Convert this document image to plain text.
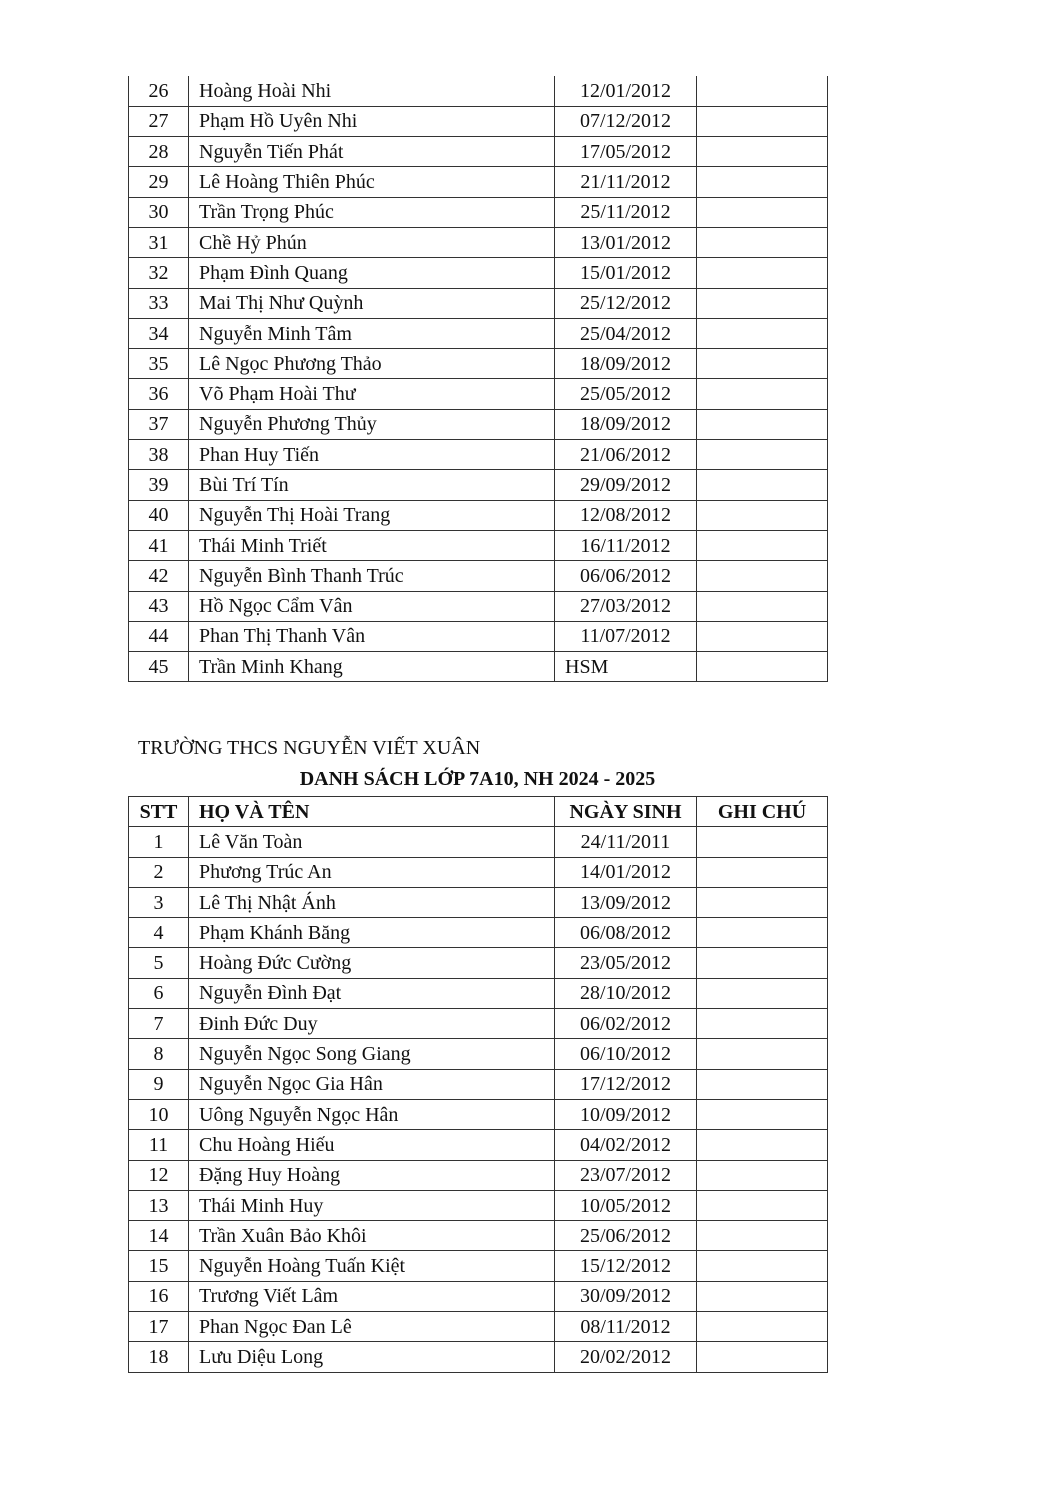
26	Hoàng Hoài Nhi	12/01/2012	
27	Phạm Hồ Uyên Nhi	07/12/2012	
28	Nguyễn Tiến Phát	17/05/2012	
29	Lê Hoàng Thiên Phúc	21/11/2012	
30	Trần Trọng Phúc	25/11/2012	
31	Chề Hỷ Phún	13/01/2012	
32	Phạm Đình Quang	15/01/2012	
33	Mai Thị Như Quỳnh	25/12/2012	
34	Nguyễn Minh Tâm	25/04/2012	
35	Lê Ngọc Phương Thảo	18/09/2012	
36	Võ Phạm Hoài Thư	25/05/2012	
37	Nguyễn Phương Thủy	18/09/2012	
38	Phan Huy Tiến	21/06/2012	
39	Bùi Trí Tín	29/09/2012	
40	Nguyễn Thị Hoài Trang	12/08/2012	
41	Thái Minh Triết	16/11/2012	
42	Nguyễn Bình Thanh Trúc	06/06/2012	
43	Hồ Ngọc Cẩm Vân	27/03/2012	
44	Phan Thị Thanh Vân	11/07/2012	
45	Trần Minh Khang	HSM	
TRƯỜNG THCS NGUYỄN VIẾT XUÂN
DANH SÁCH LỚP 7A10, NH 2024 - 2025
STT	HỌ VÀ TÊN	NGÀY SINH	GHI CHÚ
1	Lê Văn Toàn	24/11/2011	
2	Phương Trúc An	14/01/2012	
3	Lê Thị Nhật Ánh	13/09/2012	
4	Phạm Khánh Băng	06/08/2012	
5	Hoàng Đức Cường	23/05/2012	
6	Nguyễn Đình Đạt	28/10/2012	
7	Đinh Đức Duy	06/02/2012	
8	Nguyễn Ngọc Song Giang	06/10/2012	
9	Nguyễn Ngọc Gia Hân	17/12/2012	
10	Uông Nguyễn Ngọc Hân	10/09/2012	
11	Chu Hoàng Hiếu	04/02/2012	
12	Đặng Huy Hoàng	23/07/2012	
13	Thái Minh Huy	10/05/2012	
14	Trần Xuân Bảo Khôi	25/06/2012	
15	Nguyễn Hoàng Tuấn Kiệt	15/12/2012	
16	Trương Viết Lâm	30/09/2012	
17	Phan Ngọc Đan Lê	08/11/2012	
18	Lưu Diệu Long	20/02/2012	
